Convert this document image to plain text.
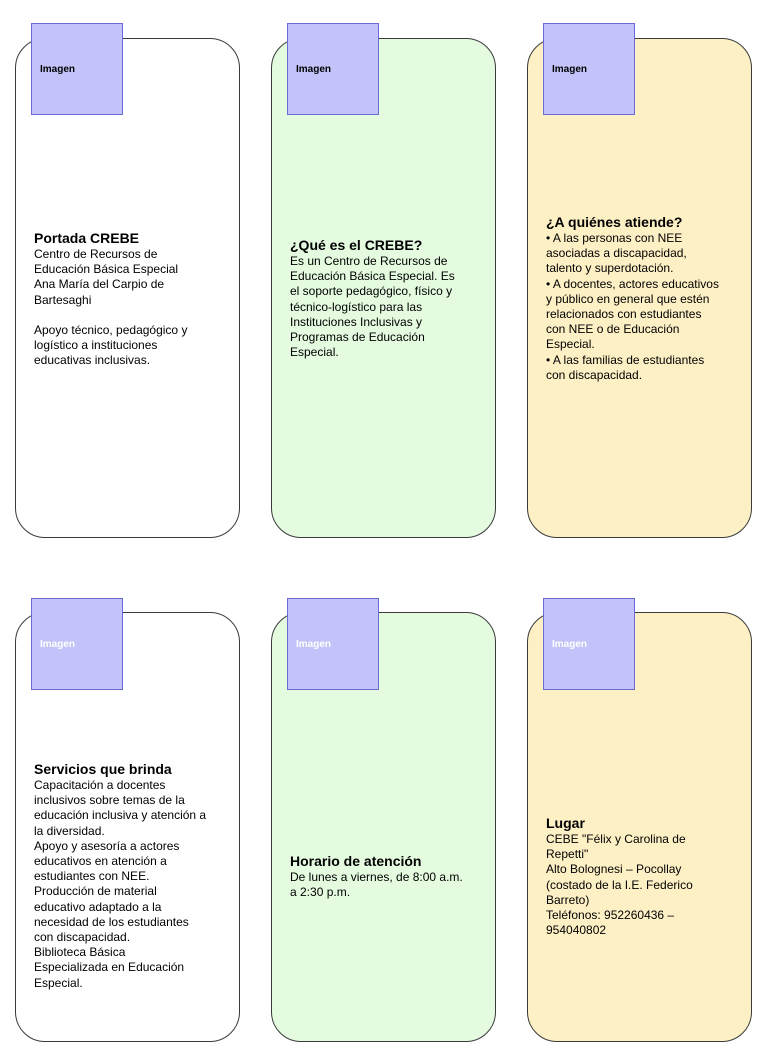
Imagen	Imagen	Imagen
Portada CREBE

Centro de Recursos de

Educación Básica Especial

Ana María del Carpio de

Bartesaghi

Apoyo técnico, pedagógico y

logístico a instituciones

educativas inclusivas.

¿Qué es el CREBE?

Es un Centro de Recursos de

Educación Básica Especial. Es

el soporte pedagógico, físico y

técnico-logístico para las

Instituciones Inclusivas y

Programas de Educación

Especial.

¿A quiénes atiende?

• A las personas con NEE

asociadas a discapacidad,

talento y superdotación.

• A docentes, actores educativos

y público en general que estén

relacionados con estudiantes

con NEE o de Educación

Especial.

• A las familias de estudiantes

con discapacidad.

Imagen	Imagen	Imagen
Servicios que brinda

Capacitación a docentes

inclusivos sobre temas de la

educación inclusiva y atención a

la diversidad.

Apoyo y asesoría a actores

educativos en atención a

estudiantes con NEE.

Producción de material

educativo adaptado a la

necesidad de los estudiantes

con discapacidad.

Biblioteca Básica

Especializada en Educación

Especial.

Horario de atención

De lunes a viernes, de 8:00 a.m.

a 2:30 p.m.

Lugar

CEBE "Félix y Carolina de

Repetti"

Alto Bolognesi – Pocollay

(costado de la I.E. Federico

Barreto)

Teléfonos: 952260436 –

954040802
